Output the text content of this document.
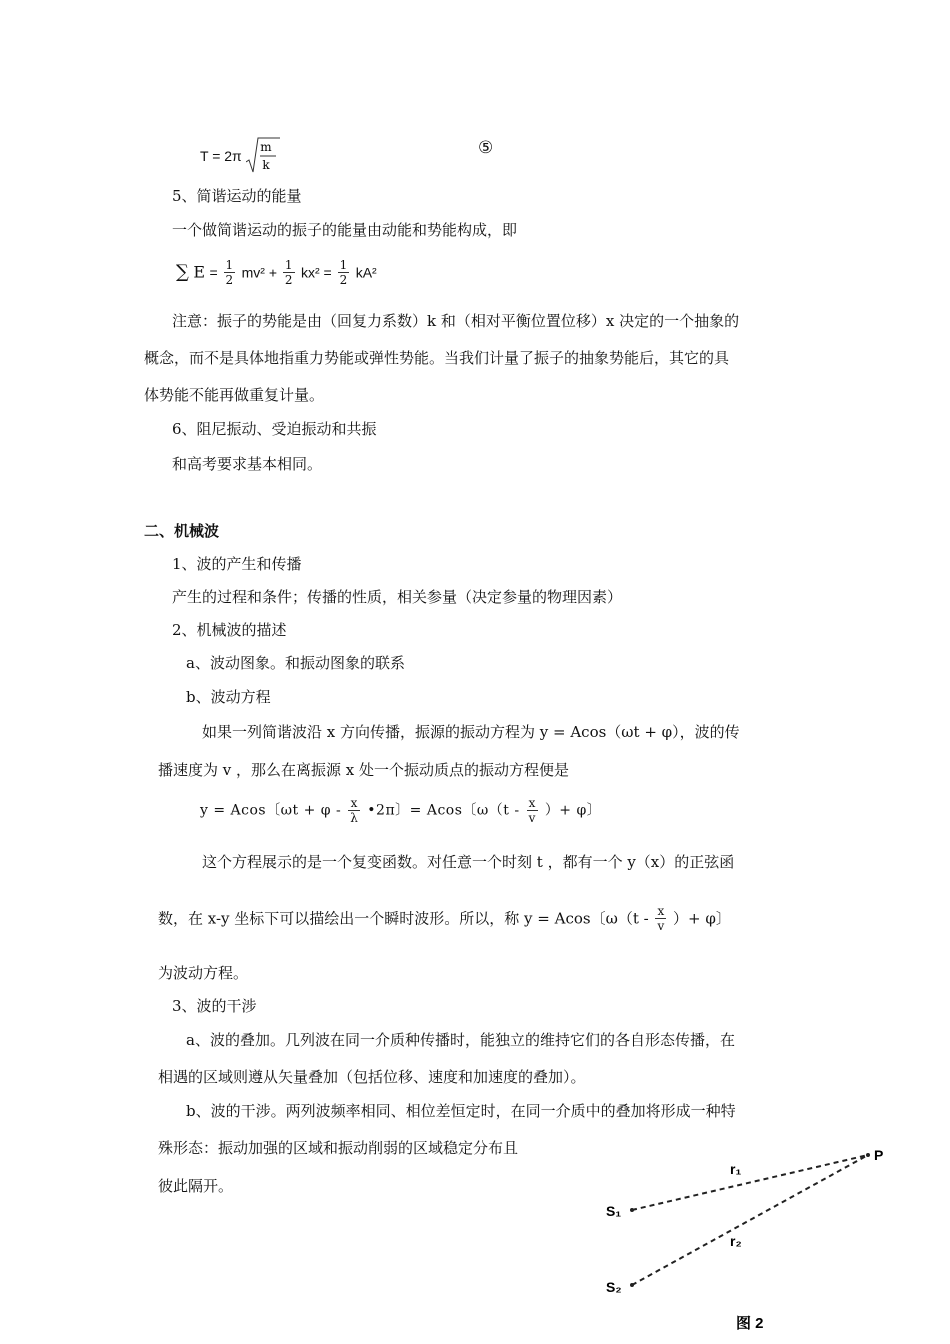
T = 2π
m
k
⑤
5、简谐运动的能量
一个做简谐运动的振子的能量由动能和势能构成，即
∑ $E = \frac{1}{2} mv^2 + \frac{1}{2} kx^2 = \frac{1}{2} kA^2$
注意：振子的势能是由（回复力系数）k 和（相对平衡位置位移）x 决定的一个抽象的
概念，而不是具体地指重力势能或弹性势能。当我们计量了振子的抽象势能后，其它的具
体势能不能再做重复计量。
6、阻尼振动、受迫振动和共振
和高考要求基本相同。
二、机械波
1、波的产生和传播
产生的过程和条件；传播的性质，相关参量（决定参量的物理因素）
2、机械波的描述
a、波动图象。和振动图象的联系
b、波动方程
如果一列简谐波沿 x 方向传播，振源的振动方程为 y = Acos（ωt + φ），波的传
播速度为 v ，那么在离振源 x 处一个振动质点的振动方程便是
y = Acos〔$\omega t + \varphi - \frac{x}{\lambda}$ •2π〕= Acos〔$\omega(t - \frac{x}{v}$ ）+ φ〕
这个方程展示的是一个复变函数。对任意一个时刻 t ，都有一个 y（x）的正弦函
数，在 x-y 坐标下可以描绘出一个瞬时波形。所以，称 y = Acos〔$\omega(t - \frac{x}{v}$ ）+ φ〕
为波动方程。
3、波的干涉
a、波的叠加。几列波在同一介质种传播时，能独立的维持它们的各自形态传播，在
相遇的区域则遵从矢量叠加（包括位移、速度和加速度的叠加）。
b、波的干涉。两列波频率相同、相位差恒定时，在同一介质中的叠加将形成一种特
殊形态：振动加强的区域和振动削弱的区域稳定分布且
彼此隔开。
P
r₁
r₂
S₁
S₂
图 2
